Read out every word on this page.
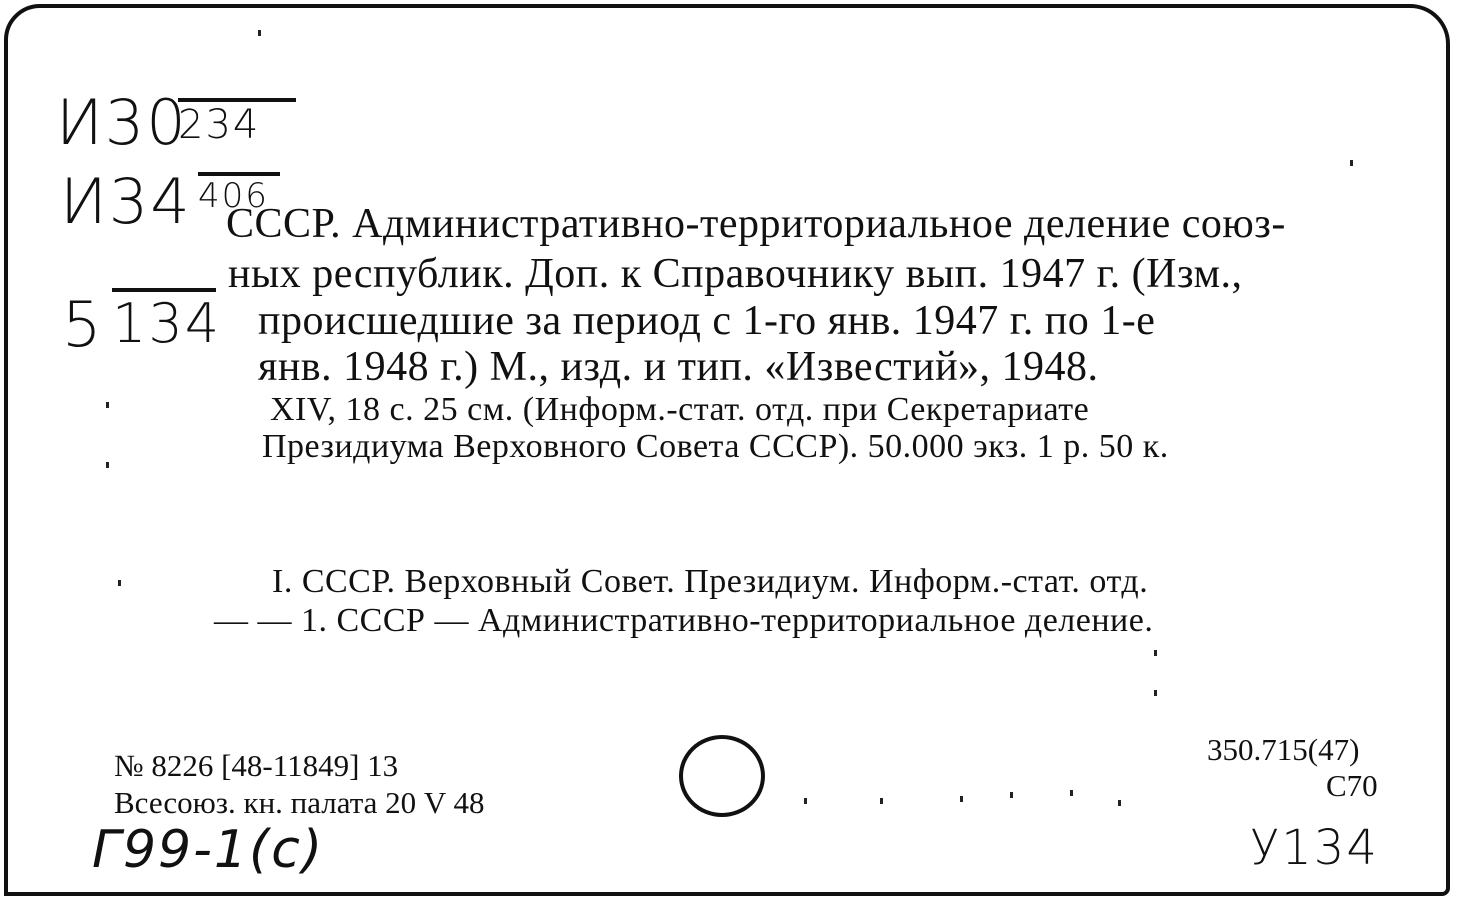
И30
234
И34 406
5 134
СССР. Административно-территориальное деление союз-
ных республик. Доп. к Справочнику вып. 1947 г. (Изм.,
происшедшие за период с 1-го янв. 1947 г. по 1-е
янв. 1948 г.) М., изд. и тип. «Известий», 1948.
XIV, 18 с. 25 см. (Информ.-стат. отд. при Секретариате
Президиума Верховного Совета СССР). 50.000 экз. 1 р. 50 к.
I. СССР. Верховный Совет. Президиум. Информ.-стат. отд.
— — 1. СССР — Административно-территориальное деление.
№ 8226 [48-11849] 13
Всесоюз. кн. палата 20 V 48
Г99-1(с)
350.715(47)
С70
У134
